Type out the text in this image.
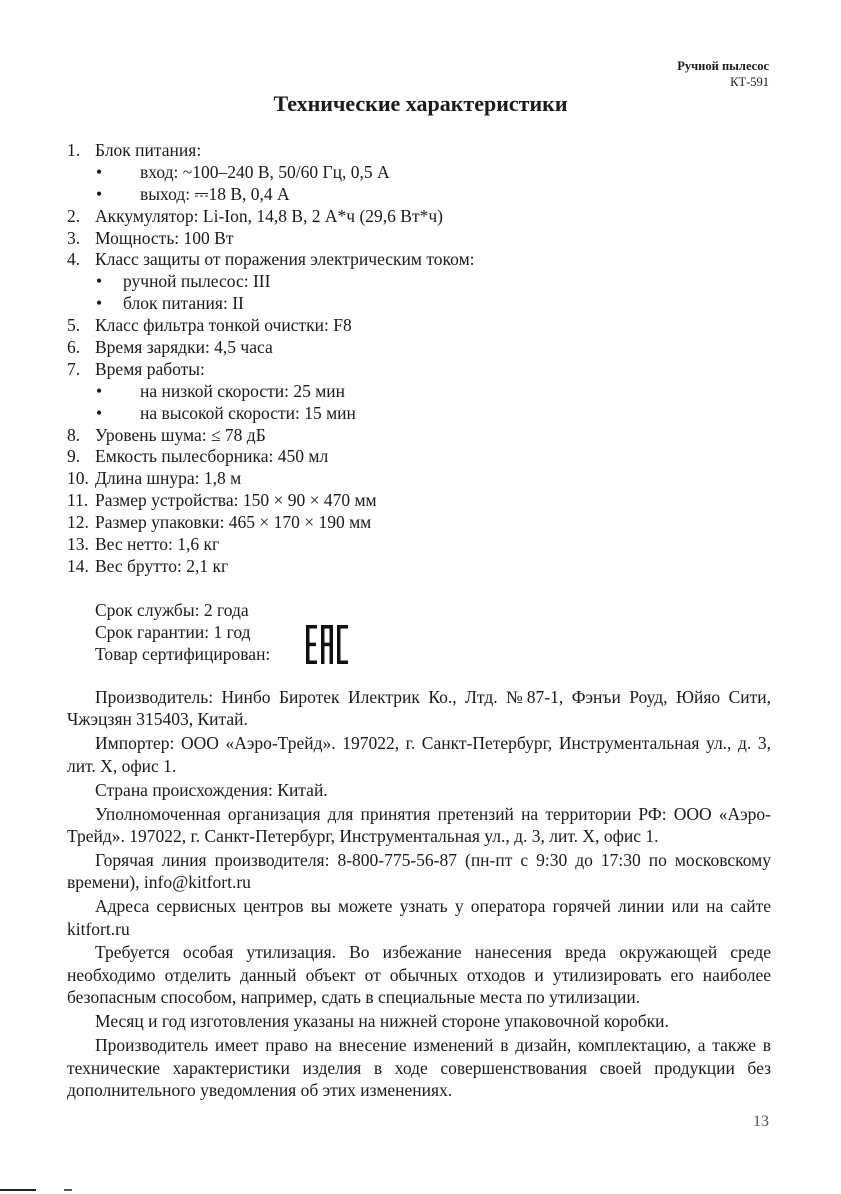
Ручной пылесос
КТ-591
Технические характеристики
1. Блок питания:
• вход: ~100–240 В, 50/60 Гц, 0,5 А
• выход: ⎓18 В, 0,4 А
2. Аккумулятор: Li-Ion, 14,8 В, 2 А*ч (29,6 Вт*ч)
3. Мощность: 100 Вт
4. Класс защиты от поражения электрическим током:
• ручной пылесос: III
• блок питания: II
5. Класс фильтра тонкой очистки: F8
6. Время зарядки: 4,5 часа
7. Время работы:
• на низкой скорости: 25 мин
• на высокой скорости: 15 мин
8. Уровень шума: ≤ 78 дБ
9. Емкость пылесборника: 450 мл
10. Длина шнура: 1,8 м
11. Размер устройства: 150 × 90 × 470 мм
12. Размер упаковки: 465 × 170 × 190 мм
13. Вес нетто: 1,6 кг
14. Вес брутто: 2,1 кг
Срок службы: 2 года
Срок гарантии: 1 год
Товар сертифицирован:

Производитель: Нинбо Биротек Илектрик Ко., Лтд. №87-1, Фэнъи Роуд, Юйяо Сити, Чжэцзян 315403, Китай.

Импортер: ООО «Аэро-Трейд». 197022, г. Санкт-Петербург, Инструментальная ул., д. 3, лит. Х, офис 1.

Страна происхождения: Китай.

Уполномоченная организация для принятия претензий на территории РФ: ООО «Аэро-Трейд». 197022, г. Санкт-Петербург, Инструментальная ул., д. 3, лит. Х, офис 1.

Горячая линия производителя: 8-800-775-56-87 (пн-пт с 9:30 до 17:30 по московскому времени), info@kitfort.ru

Адреса сервисных центров вы можете узнать у оператора горячей линии или на сайте kitfort.ru

Требуется особая утилизация. Во избежание нанесения вреда окружающей среде необходимо отделить данный объект от обычных отходов и утилизировать его наиболее безопасным способом, например, сдать в специальные места по утилизации.

Месяц и год изготовления указаны на нижней стороне упаковочной коробки.

Производитель имеет право на внесение изменений в дизайн, комплектацию, а также в технические характеристики изделия в ходе совершенствования своей продукции без дополнительного уведомления об этих изменениях.

13
